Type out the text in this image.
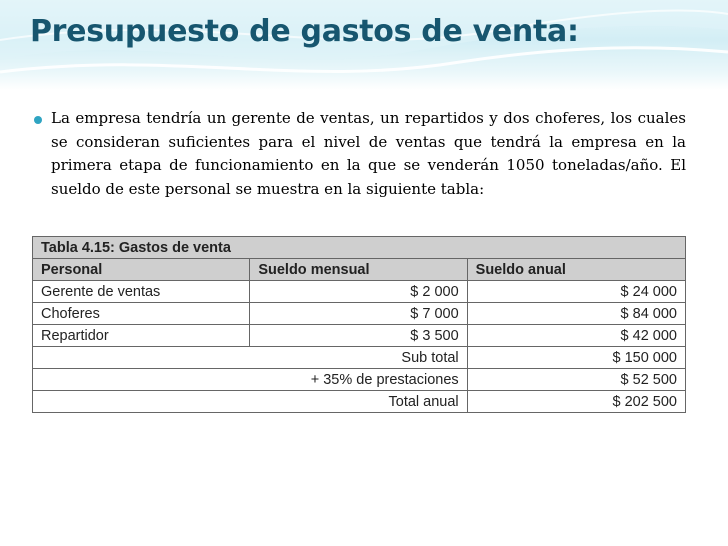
Presupuesto de gastos de venta:
La empresa tendría un gerente de ventas, un repartidos y dos choferes, los cuales se consideran suficientes para el nivel de ventas que tendrá la empresa en la primera etapa de funcionamiento en la que se venderán 1050 toneladas/año. El sueldo de este personal se muestra en la siguiente tabla:
Tabla 4.15: Gastos de venta		
Personal	Sueldo mensual	Sueldo anual
Gerente de ventas	$ 2 000	$ 24 000
Choferes	$ 7 000	$ 84 000
Repartidor	$ 3 500	$ 42 000
Sub total		$ 150 000
+ 35% de prestaciones		$ 52 500
Total anual		$ 202 500
